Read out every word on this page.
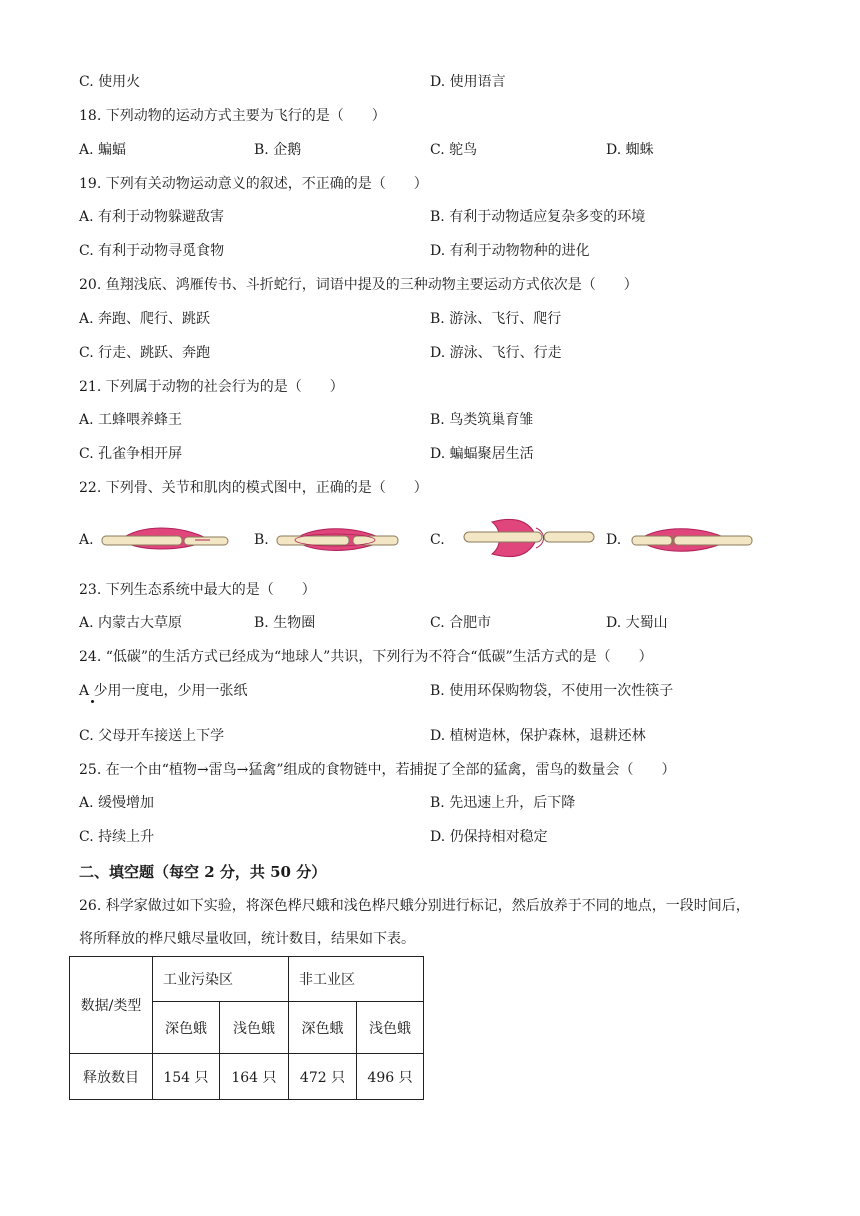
C. 使用火	D. 使用语言
18. 下列动物的运动方式主要为飞行的是（　　）
A. 蝙蝠	B. 企鹅	C. 鸵鸟	D. 蜘蛛
19. 下列有关动物运动意义的叙述，不正确的是（　　）
A. 有利于动物躲避敌害	B. 有利于动物适应复杂多变的环境
C. 有利于动物寻觅食物	D. 有利于动物物种的进化
20. 鱼翔浅底、鸿雁传书、斗折蛇行，词语中提及的三种动物主要运动方式依次是（　　）
A. 奔跑、爬行、跳跃	B. 游泳、飞行、爬行
C. 行走、跳跃、奔跑	D. 游泳、飞行、行走
21. 下列属于动物的社会行为的是（　　）
A. 工蜂喂养蜂王	B. 鸟类筑巢育雏
C. 孔雀争相开屏	D. 蝙蝠聚居生活
22. 下列骨、关节和肌肉的模式图中，正确的是（　　）
A.	B.	C.	D.
23. 下列生态系统中最大的是（　　）
A. 内蒙古大草原	B. 生物圈	C. 合肥市	D. 大蜀山
24. “低碳”的生活方式已经成为“地球人”共识，下列行为不符合“低碳”生活方式的是（　　）
A 少用一度电，少用一张纸	B. 使用环保购物袋，不使用一次性筷子
C. 父母开车接送上下学	D. 植树造林，保护森林，退耕还林
25. 在一个由“植物→雷鸟→猛禽”组成的食物链中，若捕捉了全部的猛禽，雷鸟的数量会（　　）
A. 缓慢增加	B. 先迅速上升，后下降
C. 持续上升	D. 仍保持相对稳定
二、填空题（每空 2 分，共 50 分）
26. 科学家做过如下实验，将深色桦尺蛾和浅色桦尺蛾分别进行标记，然后放养于不同的地点，一段时间后，
将所释放的桦尺蛾尽量收回，统计数目，结果如下表。
数据/类型	工业污染区		非工业区	
	深色蛾	浅色蛾	深色蛾	浅色蛾
释放数目	154 只	164 只	472 只	496 只
